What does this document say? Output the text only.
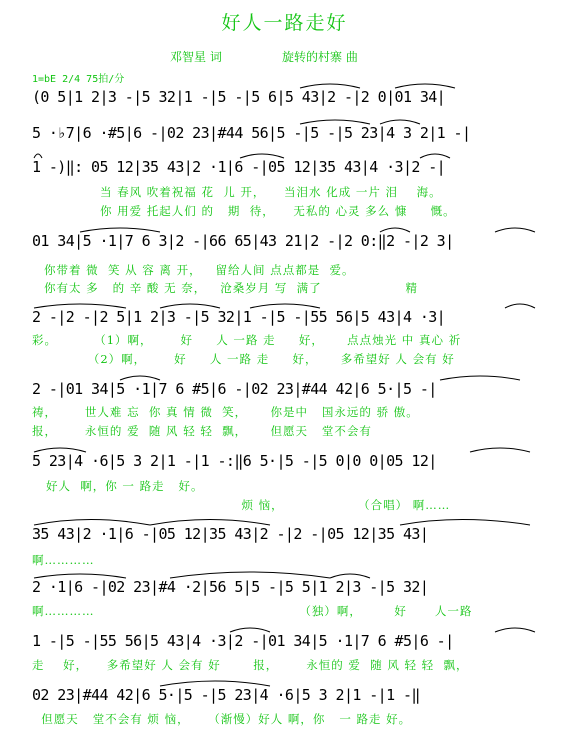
好人一路走好
邓智星 词	旋转的村寨 曲
1=bE 2/4 75拍/分
(0 5|1 2|3 -|5 32|1 -|5 -|5 6|5 43|2 -|2 0|01 34|
5 ·♭7|6 ·#5|6 -|02 23|#44 56|5 -|5 -|5 23|4 3 2|1 -|
1 -)‖: 05 12|35 43|2 ·1|6 -|05 12|35 43|4 ·3|2 -|
当 春风 吹着祝福 花  儿 开，    当泪水 化成 一片 泪    海。
你 用爱 托起人们 的   期  待，    无私的 心灵 多么 慷     慨。
01 34|5 ·1|7 6 3|2 -|66 65|43 21|2 -|2 0:‖2 -|2 3|
你带着 微  笑 从 容 离 开，   留给人间 点点都是  爱。
你有太 多   的 辛 酸 无 奈，   沧桑岁月 写  满了                  精
2 -|2 -|2 5|1 2|3 -|5 32|1 -|5 -|55 56|5 43|4 ·3|
彩。        （1）啊，      好     人 一路 走     好，     点点烛光 中 真心 祈
（2）啊，      好     人 一路 走     好，     多希望好 人 会有 好
2 -|01 34|5 ·1|7 6 #5|6 -|02 23|#44 42|6 5·|5 -|
祷，      世人难 忘  你 真 情 微  笑，     你是中   国永远的 骄 傲。
报，      永恒的 爱  随 风 轻 轻  飘，     但愿天   堂不会有
5 23|4 ·6|5 3 2|1 -|1 -:‖6 5·|5 -|5 0|0 0|05 12|
好人  啊，你 一 路走   好。
烦 恼，                （合唱） 啊……
35 43|2 ·1|6 -|05 12|35 43|2 -|2 -|05 12|35 43|
啊…………
2 ·1|6 -|02 23|#4 ·2|56 5|5 -|5 5|1 2|3 -|5 32|
啊…………                                            （独）啊，       好      人一路
1 -|5 -|55 56|5 43|4 ·3|2 -|01 34|5 ·1|7 6 #5|6 -|
走    好，    多希望好 人 会有 好       报，      永恒的 爱  随 风 轻 轻  飘，
02 23|#44 42|6 5·|5 -|5 23|4 ·6|5 3 2|1 -|1 -‖
但愿天   堂不会有 烦 恼，    （渐慢）好人 啊，你   一 路走 好。
